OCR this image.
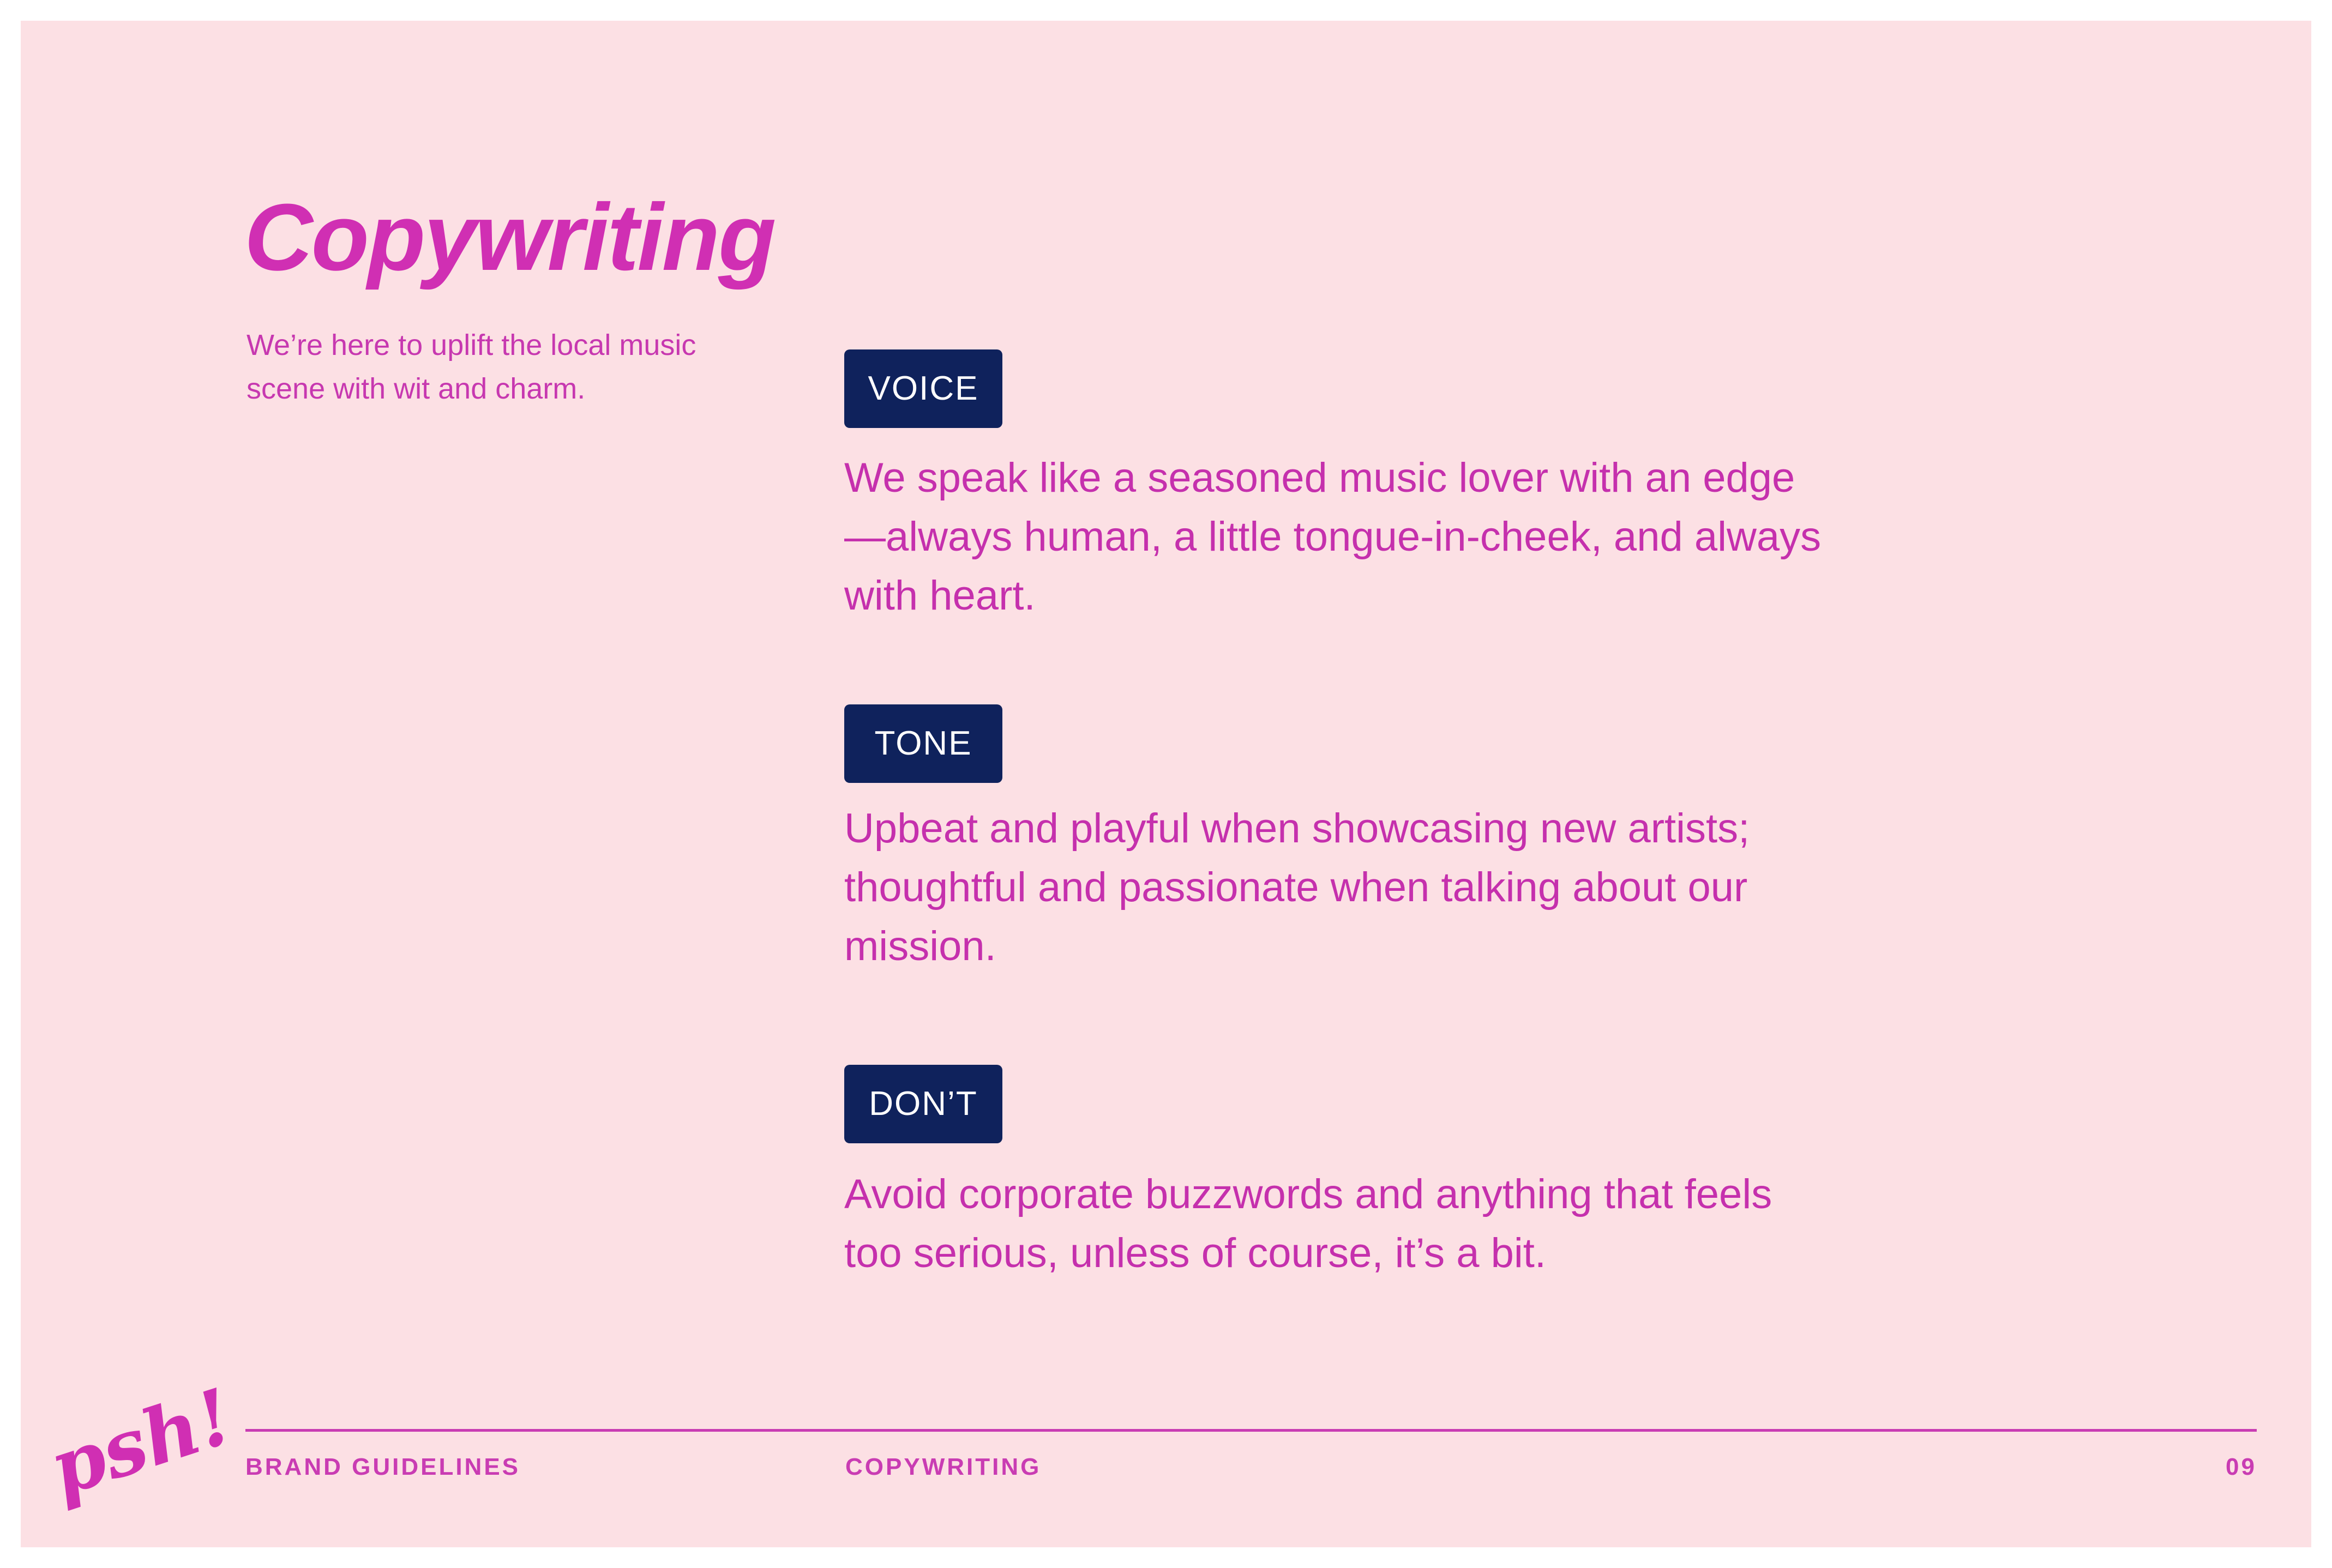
Copywriting

We’re here to uplift the local music scene with wit and charm.	VOICE

We speak like a seasoned music lover with an edge—always human, a little tongue-in-cheek, and always with heart.

TONE

Upbeat and playful when showcasing new artists; thoughtful and passionate when talking about our mission.

DON’T

Avoid corporate buzzwords and anything that feels too serious, unless of course, it’s a bit.

psh! BRAND GUIDELINES	COPYWRITING	09
